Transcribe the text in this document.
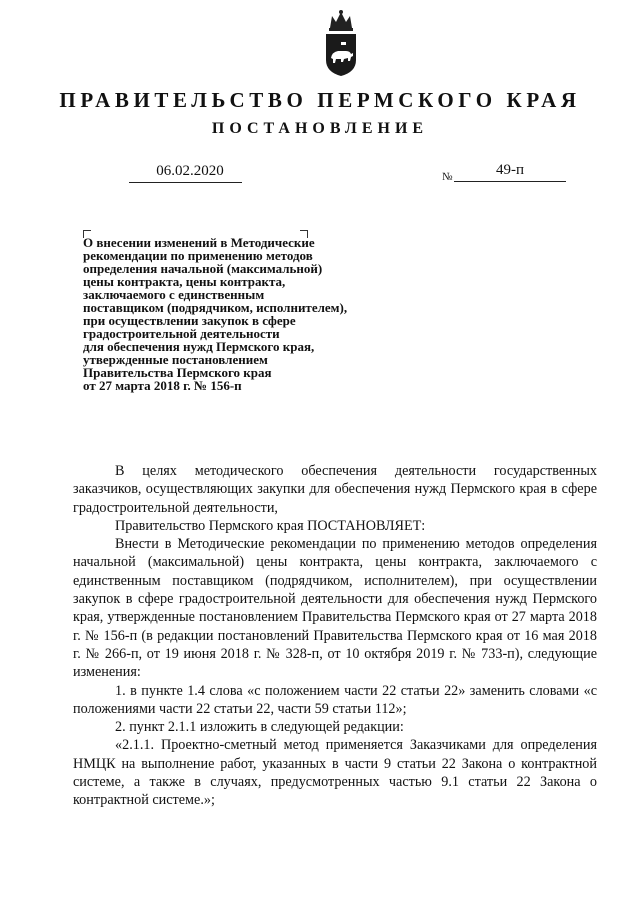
ПРАВИТЕЛЬСТВО ПЕРМСКОГО КРАЯ
ПОСТАНОВЛЕНИЕ
06.02.2020	№	49-п
О внесении изменений в Методические
рекомендации по применению методов
определения начальной (максимальной)
цены контракта, цены контракта,
заключаемого с единственным
поставщиком (подрядчиком, исполнителем),
при осуществлении закупок в сфере
градостроительной деятельности
для обеспечения нужд Пермского края,
утвержденные постановлением
Правительства Пермского края
от 27 марта 2018 г. № 156-п

В целях методического обеспечения деятельности государственных заказчиков, осуществляющих закупки для обеспечения нужд Пермского края в сфере градостроительной деятельности,

Правительство Пермского края ПОСТАНОВЛЯЕТ:

Внести в Методические рекомендации по применению методов определения начальной (максимальной) цены контракта, цены контракта, заключаемого с единственным поставщиком (подрядчиком, исполнителем), при осуществлении закупок в сфере градостроительной деятельности для обеспечения нужд Пермского края, утвержденные постановлением Правительства Пермского края от 27 марта 2018 г. № 156-п (в редакции постановлений Правительства Пермского края от 16 мая 2018 г. № 266-п, от 19 июня 2018 г. № 328-п, от 10 октября 2019 г. № 733-п), следующие изменения:

1. в пункте 1.4 слова «с положением части 22 статьи 22» заменить словами «с положениями части 22 статьи 22, части 59 статьи 112»;

2. пункт 2.1.1 изложить в следующей редакции:

«2.1.1. Проектно-сметный метод применяется Заказчиками для определения НМЦК на выполнение работ, указанных в части 9 статьи 22 Закона о контрактной системе, а также в случаях, предусмотренных частью 9.1 статьи 22 Закона о контрактной системе.»;
